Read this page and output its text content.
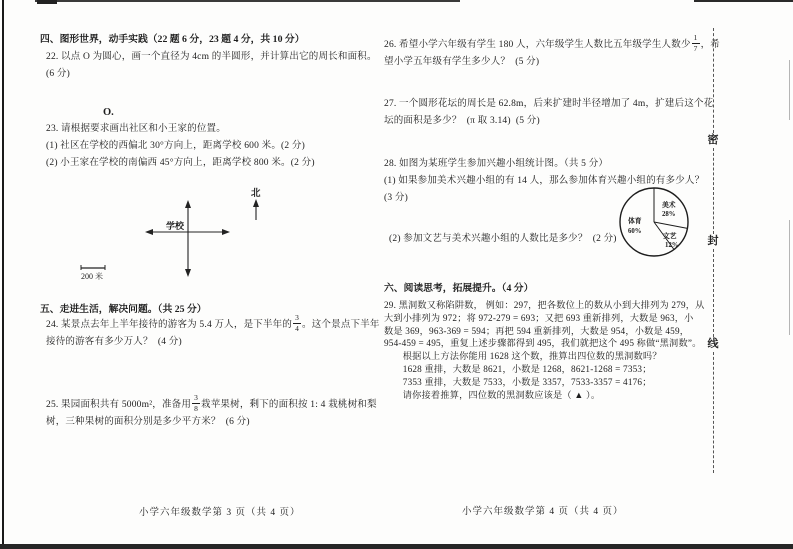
四、图形世界，动手实践（22 题 6 分，23 题 4 分，共 10 分）
22. 以点 O 为圆心，画一个直径为 4cm 的半圆形，并计算出它的周长和面积。
(6 分)
O.
23. 请根据要求画出社区和小王家的位置。
(1) 社区在学校的西偏北 30°方向上，距离学校 600 米。(2 分)
(2) 小王家在学校的南偏西 45°方向上，距离学校 800 米。(2 分)
学校
北
200 米
五、走进生活，解决问题。（共 25 分）
24. 某景点去年上半年接待的游客为 5.4 万人，是下半年的 $\frac{3}{4}$ 。这个景点下半年
接待的游客有多少万人？  (4 分)
25. 果园面积共有 5000m²，准备用 $\frac{3}{8}$ 栽苹果树，剩下的面积按 1: 4 栽桃树和梨
树，三种果树的面积分别是多少平方米？  (6 分)
小学六年级数学第 3 页（共 4 页）
26. 希望小学六年级有学生 180 人，六年级学生人数比五年级学生人数少 $\frac{1}{7}$ ，希
望小学五年级有学生多少人？  (5 分)
27. 一个圆形花坛的周长是 62.8m，后来扩建时半径增加了 4m，扩建后这个花
坛的面积是多少？  (π 取 3.14)  (5 分)
28. 如图为某班学生参加兴趣小组统计图。（共 5 分）
(1) 如果参加美术兴趣小组的有 14 人，那么参加体育兴趣小组的有多少人？
(3 分)
(2) 参加文艺与美术兴趣小组的人数比是多少？  (2 分)
美术
28%
体育
60%
文艺
12%
六、阅读思考，拓展提升。（4 分）
29. 黑洞数又称陷阱数， 例如：297，把各数位上的数从小到大排列为 279，从
大到小排列为 972；将 972-279 = 693；又把 693 重新排列，大数是 963，小
数是 369，963-369 = 594；再把 594 重新排列，大数是 954，小数是 459，
954-459 = 495，重复上述步骤都得到 495，我们就把这个 495 称做“黑洞数”。
　　根据以上方法你能用 1628 这个数，推算出四位数的黑洞数吗？
　　1628 重排，大数是 8621，小数是 1268，8621-1268 = 7353；
　　7353 重排，大数是 7533，小数是 3357，7533-3357 = 4176；
　　请你接着推算，四位数的黑洞数应该是（ ▲ ）。
小学六年级数学第 4 页（共 4 页）
密
封
线
